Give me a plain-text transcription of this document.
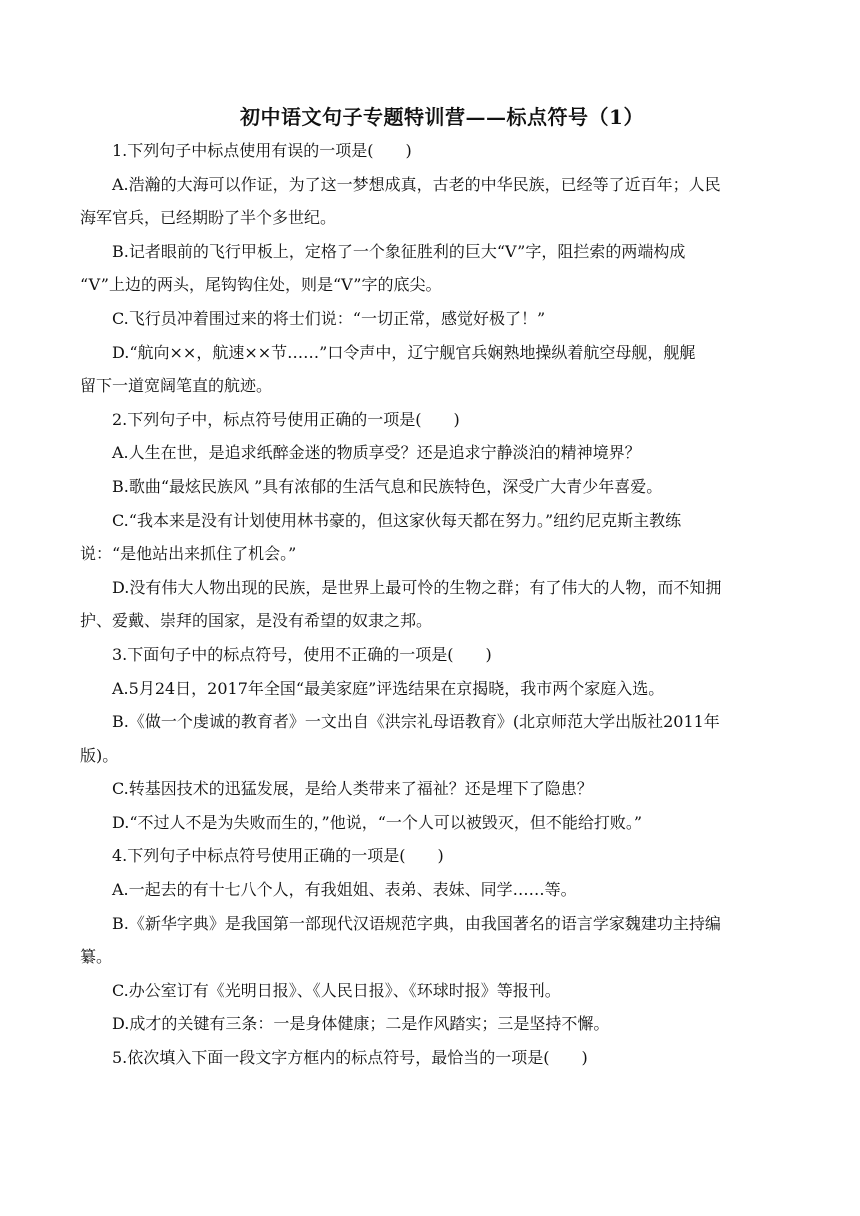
初中语文句子专题特训营——标点符号（1）

1.下列句子中标点使用有误的一项是(　　)

A.浩瀚的大海可以作证，为了这一梦想成真，古老的中华民族，已经等了近百年；人民

海军官兵，已经期盼了半个多世纪。

B.记者眼前的飞行甲板上，定格了一个象征胜利的巨大“V”字，阻拦索的两端构成

“V”上边的两头，尾钩钩住处，则是“V”字的底尖。

C.飞行员冲着围过来的将士们说：“一切正常，感觉好极了！”

D.“航向××，航速××节……”口令声中，辽宁舰官兵娴熟地操纵着航空母舰，舰艉

留下一道宽阔笔直的航迹。

2.下列句子中，标点符号使用正确的一项是(　　)

A.人生在世，是追求纸醉金迷的物质享受？还是追求宁静淡泊的精神境界？

B.歌曲“最炫民族风 ”具有浓郁的生活气息和民族特色，深受广大青少年喜爱。

C.“我本来是没有计划使用林书豪的，但这家伙每天都在努力。”纽约尼克斯主教练

说：“是他站出来抓住了机会。”

D.没有伟大人物出现的民族，是世界上最可怜的生物之群；有了伟大的人物，而不知拥

护、爱戴、崇拜的国家，是没有希望的奴隶之邦。

3.下面句子中的标点符号，使用不正确的一项是(　　)

A.5月24日，2017年全国“最美家庭”评选结果在京揭晓，我市两个家庭入选。

B.《做一个虔诚的教育者》一文出自《洪宗礼母语教育》(北京师范大学出版社2011年

版)。

C.转基因技术的迅猛发展，是给人类带来了福祉？还是埋下了隐患？

D.“不过人不是为失败而生的，”他说，“一个人可以被毁灭，但不能给打败。”

4.下列句子中标点符号使用正确的一项是(　　)

A.一起去的有十七八个人，有我姐姐、表弟、表妹、同学……等。

B.《新华字典》是我国第一部现代汉语规范字典，由我国著名的语言学家魏建功主持编

纂。

C.办公室订有《光明日报》、《人民日报》、《环球时报》等报刊。

D.成才的关键有三条：一是身体健康；二是作风踏实；三是坚持不懈。

5.依次填入下面一段文字方框内的标点符号，最恰当的一项是(　　)
